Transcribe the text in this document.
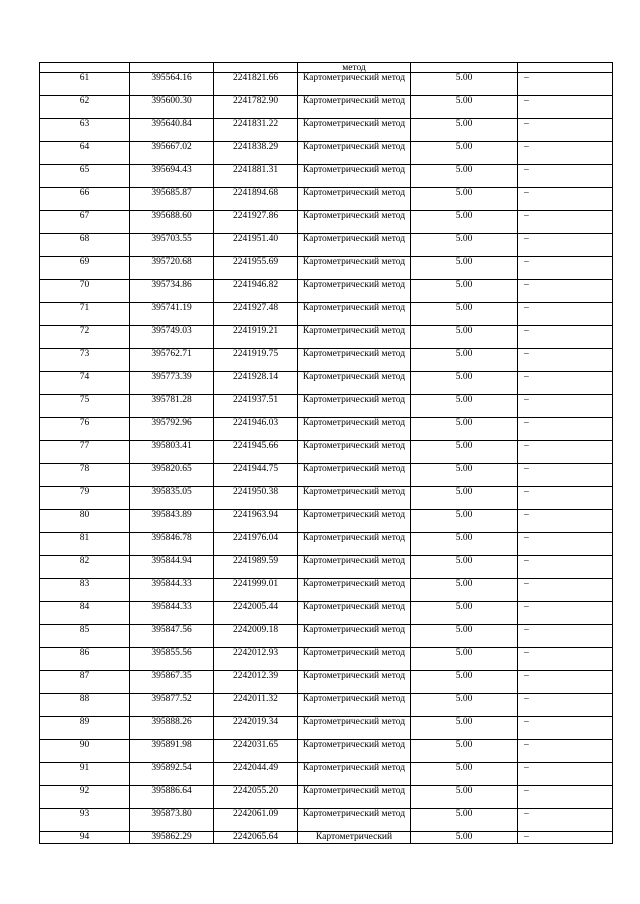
			метод		
61	395564.16	2241821.66	Картометрический метод	5.00	–
62	395600.30	2241782.90	Картометрический метод	5.00	–
63	395640.84	2241831.22	Картометрический метод	5.00	–
64	395667.02	2241838.29	Картометрический метод	5.00	–
65	395694.43	2241881.31	Картометрический метод	5.00	–
66	395685.87	2241894.68	Картометрический метод	5.00	–
67	395688.60	2241927.86	Картометрический метод	5.00	–
68	395703.55	2241951.40	Картометрический метод	5.00	–
69	395720.68	2241955.69	Картометрический метод	5.00	–
70	395734.86	2241946.82	Картометрический метод	5.00	–
71	395741.19	2241927.48	Картометрический метод	5.00	–
72	395749.03	2241919.21	Картометрический метод	5.00	–
73	395762.71	2241919.75	Картометрический метод	5.00	–
74	395773.39	2241928.14	Картометрический метод	5.00	–
75	395781.28	2241937.51	Картометрический метод	5.00	–
76	395792.96	2241946.03	Картометрический метод	5.00	–
77	395803.41	2241945.66	Картометрический метод	5.00	–
78	395820.65	2241944.75	Картометрический метод	5.00	–
79	395835.05	2241950.38	Картометрический метод	5.00	–
80	395843.89	2241963.94	Картометрический метод	5.00	–
81	395846.78	2241976.04	Картометрический метод	5.00	–
82	395844.94	2241989.59	Картометрический метод	5.00	–
83	395844.33	2241999.01	Картометрический метод	5.00	–
84	395844.33	2242005.44	Картометрический метод	5.00	–
85	395847.56	2242009.18	Картометрический метод	5.00	–
86	395855.56	2242012.93	Картометрический метод	5.00	–
87	395867.35	2242012.39	Картометрический метод	5.00	–
88	395877.52	2242011.32	Картометрический метод	5.00	–
89	395888.26	2242019.34	Картометрический метод	5.00	–
90	395891.98	2242031.65	Картометрический метод	5.00	–
91	395892.54	2242044.49	Картометрический метод	5.00	–
92	395886.64	2242055.20	Картометрический метод	5.00	–
93	395873.80	2242061.09	Картометрический метод	5.00	–
94	395862.29	2242065.64	Картометрический	5.00	–
